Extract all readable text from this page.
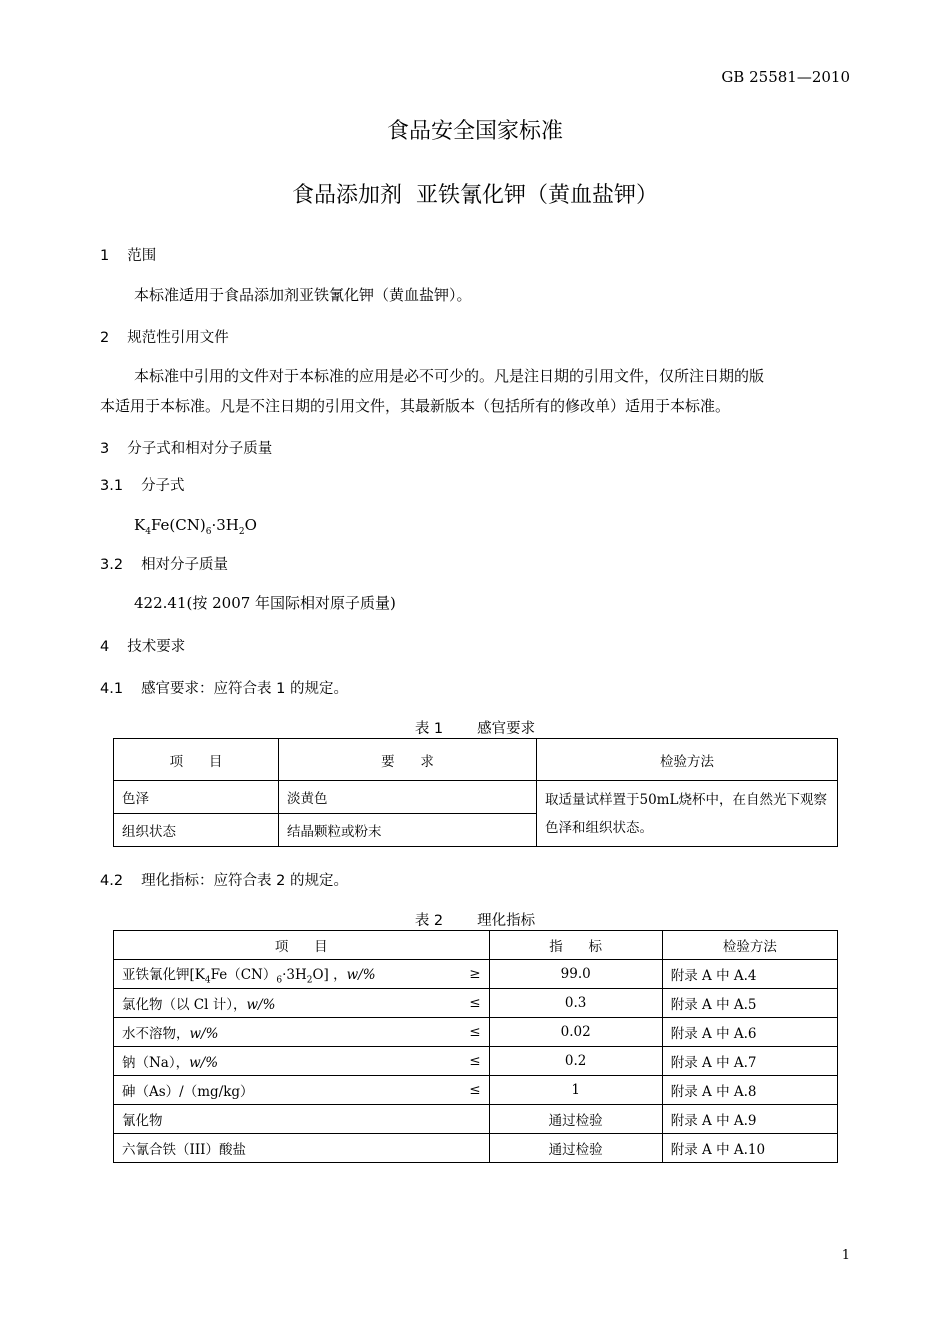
GB 25581—2010
食品安全国家标准
食品添加剂  亚铁氰化钾（黄血盐钾）
1 范围
本标准适用于食品添加剂亚铁氰化钾（黄血盐钾）。
2 规范性引用文件
本标准中引用的文件对于本标准的应用是必不可少的。凡是注日期的引用文件，仅所注日期的版
本适用于本标准。凡是不注日期的引用文件，其最新版本（包括所有的修改单）适用于本标准。
3 分子式和相对分子质量
3.1 分子式
$K_4Fe(CN)_6\cdot 3H_2O$
3.2 相对分子质量
422.41(按 2007 年国际相对原子质量)
4 技术要求
4.1 感官要求：应符合表 1 的规定。
表 1 感官要求
项      目	要      求	检验方法
色泽	淡黄色	取适量试样置于50mL烧杯中，在自然光下观察色泽和组织状态。
组织状态	结晶颗粒或粉末	
4.2 理化指标：应符合表 2 的规定。
表 2 理化指标
项      目		指      标	检验方法
亚铁氰化钾$[K_4Fe(CN)_6\cdot 3H_2O]$ ，w/%	≥	99.0	附录 A 中 A.4
氯化物（以 Cl 计），w/%	≤	0.3	附录 A 中 A.5
水不溶物，w/%	≤	0.02	附录 A 中 A.6
钠（Na），w/%	≤	0.2	附录 A 中 A.7
砷（As）/（mg/kg）	≤	1	附录 A 中 A.8
氰化物		通过检验	附录 A 中 A.9
六氰合铁（III）酸盐		通过检验	附录 A 中 A.10
1
